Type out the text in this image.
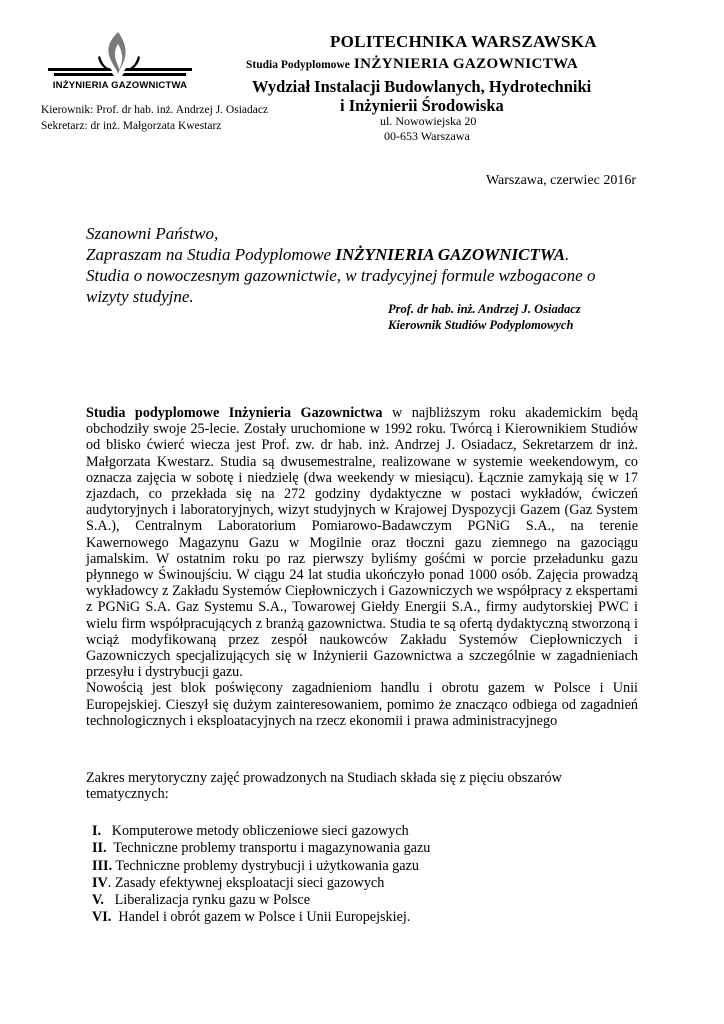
INŻYNIERIA GAZOWNICTWA
POLITECHNIKA WARSZAWSKA
Studia Podyplomowe INŻYNIERIA GAZOWNICTWA
Wydział Instalacji Budowlanych, Hydrotechniki
i Inżynierii Środowiska
ul. Nowowiejska 20
00-653 Warszawa
Kierownik: Prof. dr hab. inż. Andrzej J. Osiadacz
Sekretarz: dr inż. Małgorzata Kwestarz
Warszawa, czerwiec 2016r
Szanowni Państwo,
Zapraszam na Studia Podyplomowe INŻYNIERIA GAZOWNICTWA.
Studia o nowoczesnym gazownictwie, w tradycyjnej formule wzbogacone o
wizyty studyjne.
Prof. dr hab. inż. Andrzej J. Osiadacz
Kierownik Studiów Podyplomowych

Studia podyplomowe Inżynieria Gazownictwa w najbliższym roku akademickim będą obchodziły swoje 25-lecie. Zostały uruchomione w 1992 roku. Twórcą i Kierownikiem Studiów od blisko ćwierć wiecza jest Prof. zw. dr hab. inż. Andrzej J. Osiadacz, Sekretarzem dr inż. Małgorzata Kwestarz. Studia są dwusemestralne, realizowane w systemie weekendowym, co oznacza zajęcia w sobotę i niedzielę (dwa weekendy w miesiącu). Łącznie zamykają się w 17 zjazdach, co przekłada się na 272 godziny dydaktyczne w postaci wykładów, ćwiczeń audytoryjnych i laboratoryjnych, wizyt studyjnych w Krajowej Dyspozycji Gazem (Gaz System S.A.), Centralnym Laboratorium Pomiarowo-Badawczym PGNiG S.A., na terenie Kawernowego Magazynu Gazu w Mogilnie oraz tłoczni gazu ziemnego na gazociągu jamalskim. W ostatnim roku po raz pierwszy byliśmy gośćmi w porcie przeładunku gazu płynnego w Świnoujściu. W ciągu 24 lat studia ukończyło ponad 1000 osób. Zajęcia prowadzą wykładowcy z Zakładu Systemów Ciepłowniczych i Gazowniczych we współpracy z ekspertami z PGNiG S.A. Gaz Systemu S.A., Towarowej Giełdy Energii S.A., firmy audytorskiej PWC i wielu firm współpracujących z branżą gazownictwa. Studia te są ofertą dydaktyczną stworzoną i wciąż modyfikowaną przez zespół naukowców Zakładu Systemów Ciepłowniczych i Gazowniczych specjalizujących się w Inżynierii Gazownictwa a szczególnie w zagadnieniach przesyłu i dystrybucji gazu.

Nowością jest blok poświęcony zagadnieniom handlu i obrotu gazem w Polsce i Unii Europejskiej. Cieszył się dużym zainteresowaniem, pomimo że znacząco odbiega od zagadnień technologicznych i eksploatacyjnych na rzecz ekonomii i prawa administracyjnego

Zakres merytoryczny zajęć prowadzonych na Studiach składa się z pięciu obszarów tematycznych:
I.   Komputerowe metody obliczeniowe sieci gazowych
II.  Techniczne problemy transportu i magazynowania gazu
III. Techniczne problemy dystrybucji i użytkowania gazu
IV. Zasady efektywnej eksploatacji sieci gazowych
V.   Liberalizacja rynku gazu w Polsce
VI.  Handel i obrót gazem w Polsce i Unii Europejskiej.
